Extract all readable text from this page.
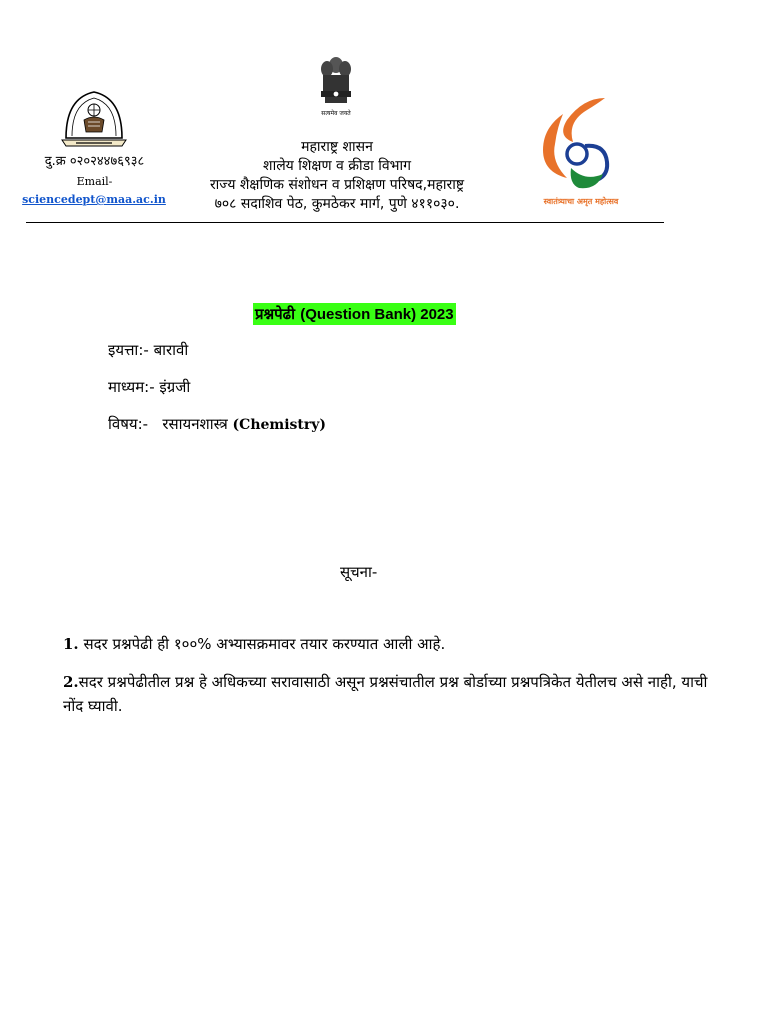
दु.क्र ०२०२४४७६९३८
Email-
sciencedept@maa.ac.in
सत्यमेव जयते
महाराष्ट्र शासन
शालेय शिक्षण व क्रीडा विभाग
राज्य शैक्षणिक संशोधन व प्रशिक्षण परिषद,महाराष्ट्र
७०८ सदाशिव पेठ, कुमठेकर मार्ग, पुणे ४११०३०.	स्वातंत्र्याचा अमृत महोत्सव
प्रश्नपेढी (Question Bank) 2023
इयत्ता:- बारावी
माध्यम:- इंग्रजी
विषय:- रसायनशास्त्र (Chemistry)
सूचना-
1. सदर प्रश्नपेढी ही १००% अभ्यासक्रमावर तयार करण्यात आली आहे.
2.सदर प्रश्नपेढीतील प्रश्न हे अधिकच्या सरावासाठी असून प्रश्नसंचातील प्रश्न बोर्डाच्या प्रश्नपत्रिकेत येतीलच असे नाही, याची नोंद घ्यावी.
